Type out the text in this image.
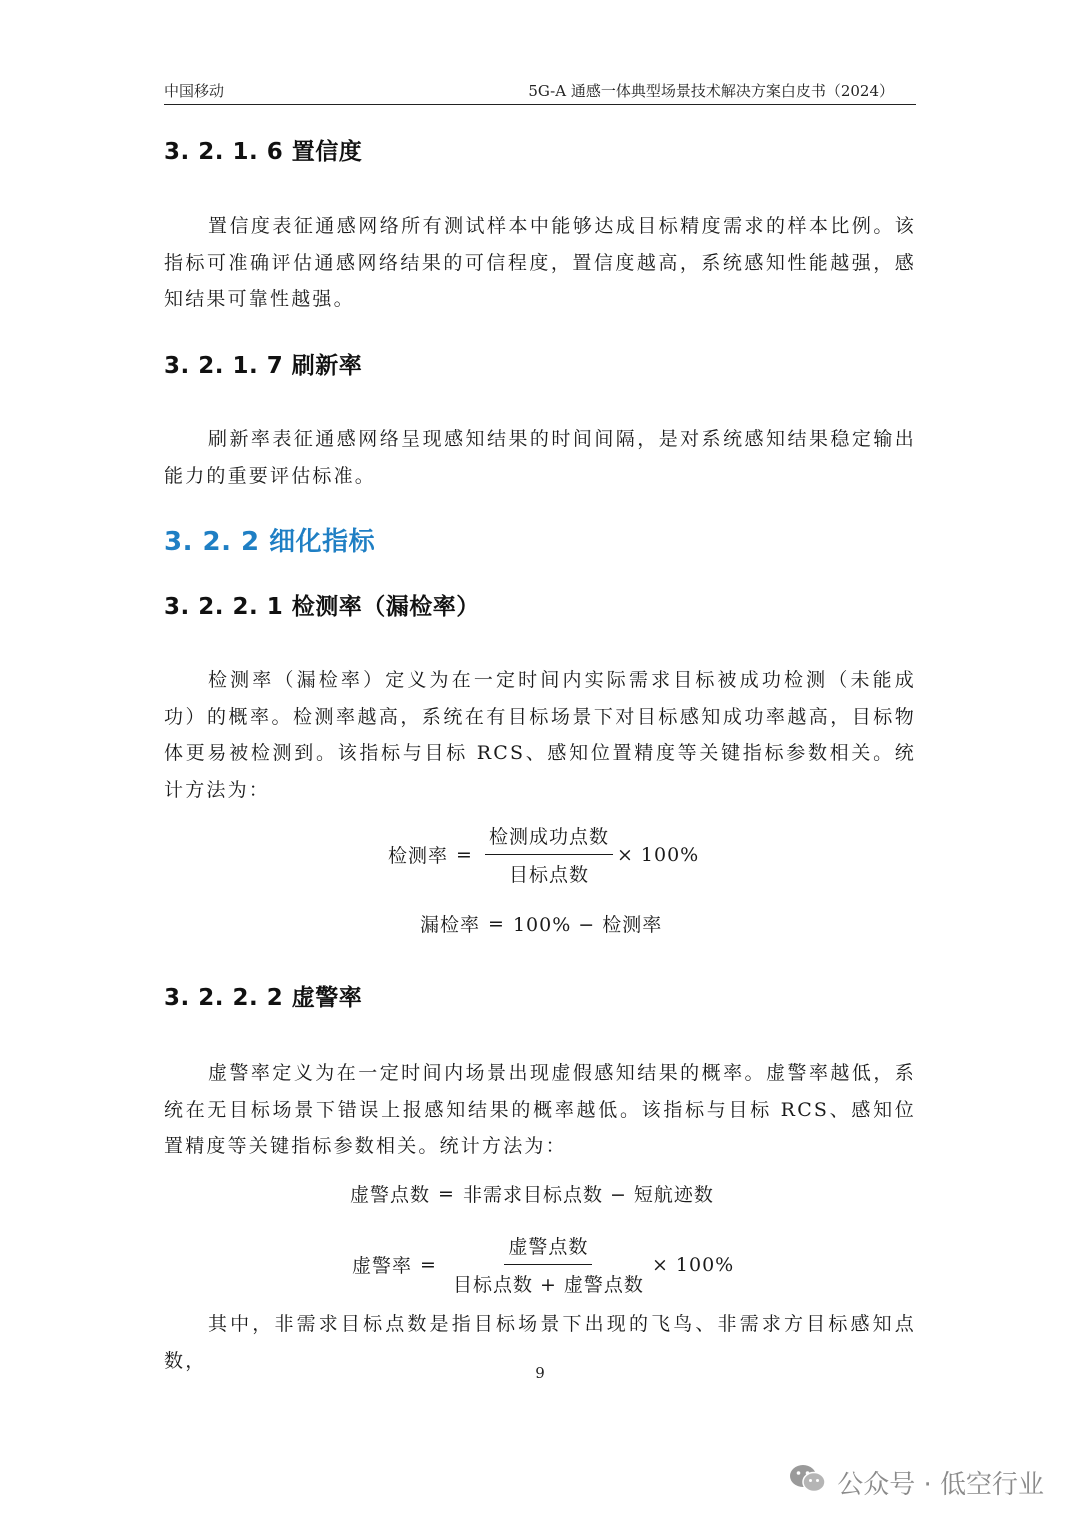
中国移动	5G-A 通感一体典型场景技术解决方案白皮书（2024）
3. 2. 1. 6 置信度

置信度表征通感网络所有测试样本中能够达成目标精度需求的样本比例。该指标可准确评估通感网络结果的可信程度，置信度越高，系统感知性能越强，感知结果可靠性越强。

3. 2. 1. 7 刷新率

刷新率表征通感网络呈现感知结果的时间间隔，是对系统感知结果稳定输出能力的重要评估标准。

3. 2. 2 细化指标
3. 2. 2. 1 检测率（漏检率）

检测率（漏检率）定义为在一定时间内实际需求目标被成功检测（未能成功）的概率。检测率越高，系统在有目标场景下对目标感知成功率越高，目标物体更易被检测到。该指标与目标 RCS、感知位置精度等关键指标参数相关。统计方法为：

检测率 = $\frac{\text{检测成功点数}}{\text{目标点数}} \times 100\%$
漏检率 = 100% − 检测率
3. 2. 2. 2 虚警率

虚警率定义为在一定时间内场景出现虚假感知结果的概率。虚警率越低，系统在无目标场景下错误上报感知结果的概率越低。该指标与目标 RCS、感知位置精度等关键指标参数相关。统计方法为：

虚警点数 = 非需求目标点数 − 短航迹数
虚警率 = $\frac{\text{虚警点数}}{\text{目标点数 + 虚警点数}} \times 100\%$

其中，非需求目标点数是指目标场景下出现的飞鸟、非需求方目标感知点数，

9
公众号 · 低空行业
